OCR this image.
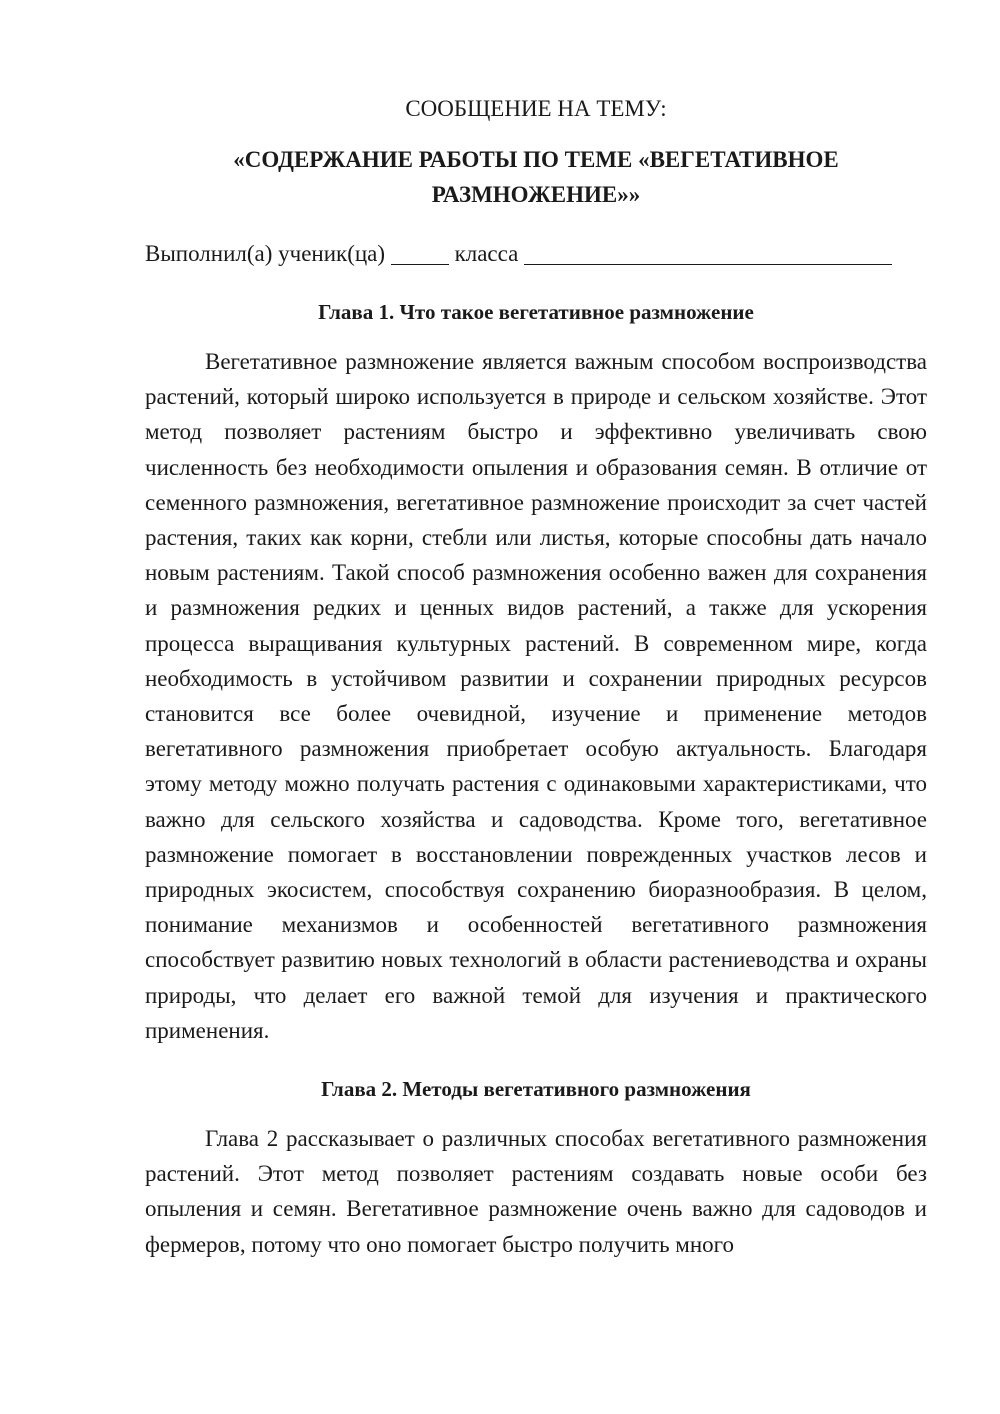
СООБЩЕНИЕ НА ТЕМУ:

«СОДЕРЖАНИЕ РАБОТЫ ПО ТЕМЕ «ВЕГЕТАТИВНОЕ РАЗМНОЖЕНИЕ»»

Выполнил(а) ученик(ца)	класса

Глава 1. Что такое вегетативное размножение

Вегетативное размножение является важным способом воспроизводства растений, который широко используется в природе и сельском хозяйстве. Этот метод позволяет растениям быстро и эффективно увеличивать свою численность без необходимости опыления и образования семян. В отличие от семенного размножения, вегетативное размножение происходит за счет частей растения, таких как корни, стебли или листья, которые способны дать начало новым растениям. Такой способ размножения особенно важен для сохранения и размножения редких и ценных видов растений, а также для ускорения процесса выращивания культурных растений. В современном мире, когда необходимость в устойчивом развитии и сохранении природных ресурсов становится все более очевидной, изучение и применение методов вегетативного размножения приобретает особую актуальность. Благодаря этому методу можно получать растения с одинаковыми характеристиками, что важно для сельского хозяйства и садоводства. Кроме того, вегетативное размножение помогает в восстановлении поврежденных участков лесов и природных экосистем, способствуя сохранению биоразнообразия. В целом, понимание механизмов и особенностей вегетативного размножения способствует развитию новых технологий в области растениеводства и охраны природы, что делает его важной темой для изучения и практического применения.

Глава 2. Методы вегетативного размножения

Глава 2 рассказывает о различных способах вегетативного размножения растений. Этот метод позволяет растениям создавать новые особи без опыления и семян. Вегетативное размножение очень важно для садоводов и фермеров, потому что оно помогает быстро получить много
